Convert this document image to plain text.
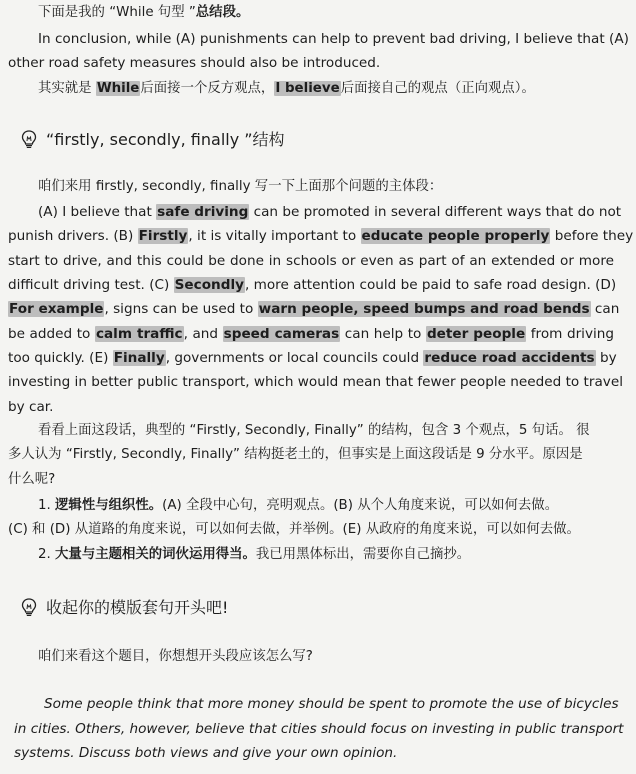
下面是我的 “While 句型 ”总结段。
In conclusion, while (A) punishments can help to prevent bad driving, I believe that (A)
other road safety measures should also be introduced.
其实就是 While后面接一个反方观点，I believe后面接自己的观点（正向观点）。
“firstly, secondly, finally ”结构
咱们来用 firstly, secondly, finally 写一下上面那个问题的主体段：
(A) I believe that safe driving can be promoted in several different ways that do not
punish drivers. (B) Firstly, it is vitally important to educate people properly before they
start to drive, and this could be done in schools or even as part of an extended or more
difficult driving test. (C) Secondly, more attention could be paid to safe road design. (D)
For example, signs can be used to warn people, speed bumps and road bends can
be added to calm traffic, and speed cameras can help to deter people from driving
too quickly. (E) Finally, governments or local councils could reduce road accidents by
investing in better public transport, which would mean that fewer people needed to travel
by car.
看看上面这段话，典型的 “Firstly, Secondly, Finally” 的结构，包含 3 个观点，5 句话。 很
多人认为 “Firstly, Secondly, Finally” 结构挺老土的，但事实是上面这段话是 9 分水平。原因是
什么呢?
1. 逻辑性与组织性。(A) 全段中心句，亮明观点。(B) 从个人角度来说，可以如何去做。
(C) 和 (D) 从道路的角度来说，可以如何去做，并举例。(E) 从政府的角度来说，可以如何去做。
2. 大量与主题相关的词伙运用得当。我已用黑体标出，需要你自己摘抄。
收起你的模版套句开头吧!
咱们来看这个题目，你想想开头段应该怎么写?
Some people think that more money should be spent to promote the use of bicycles
in cities. Others, however, believe that cities should focus on investing in public transport
systems. Discuss both views and give your own opinion.
